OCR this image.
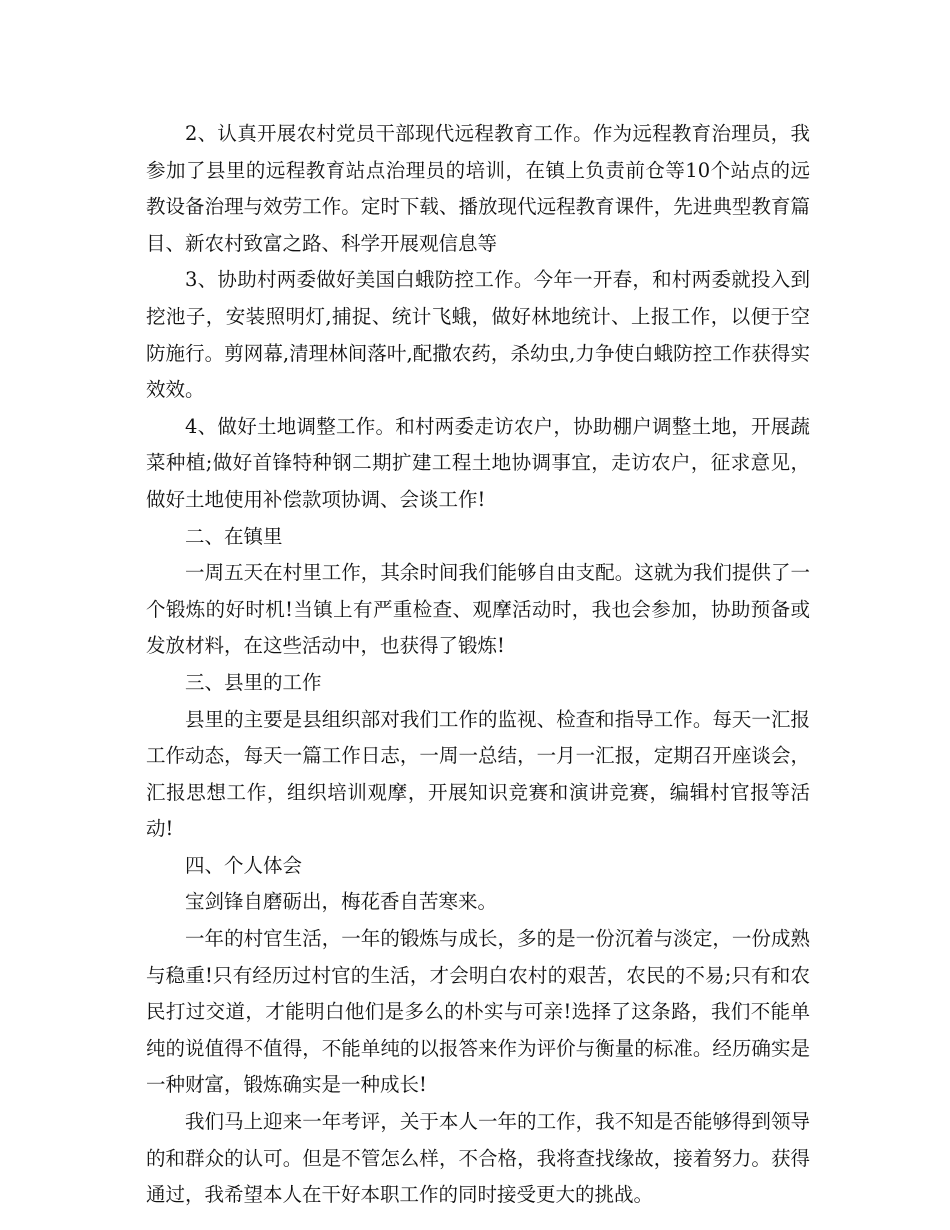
2、认真开展农村党员干部现代远程教育工作。作为远程教育治理员，我参加了县里的远程教育站点治理员的培训，在镇上负责前仓等10个站点的远教设备治理与效劳工作。定时下载、播放现代远程教育课件，先进典型教育篇目、新农村致富之路、科学开展观信息等

3、协助村两委做好美国白蛾防控工作。今年一开春，和村两委就投入到挖池子，安装照明灯,捕捉、统计飞蛾，做好林地统计、上报工作，以便于空防施行。剪网幕,清理林间落叶,配撒农药，杀幼虫,力争使白蛾防控工作获得实效效。

4、做好土地调整工作。和村两委走访农户，协助棚户调整土地，开展蔬菜种植;做好首锋特种钢二期扩建工程土地协调事宜，走访农户，征求意见，做好土地使用补偿款项协调、会谈工作!

二、在镇里

一周五天在村里工作，其余时间我们能够自由支配。这就为我们提供了一个锻炼的好时机!当镇上有严重检查、观摩活动时，我也会参加，协助预备或发放材料，在这些活动中，也获得了锻炼!

三、县里的工作

县里的主要是县组织部对我们工作的监视、检查和指导工作。每天一汇报工作动态，每天一篇工作日志，一周一总结，一月一汇报，定期召开座谈会，汇报思想工作，组织培训观摩，开展知识竞赛和演讲竞赛，编辑村官报等活动!

四、个人体会

宝剑锋自磨砺出，梅花香自苦寒来。

一年的村官生活，一年的锻炼与成长，多的是一份沉着与淡定，一份成熟与稳重!只有经历过村官的生活，才会明白农村的艰苦，农民的不易;只有和农民打过交道，才能明白他们是多么的朴实与可亲!选择了这条路，我们不能单纯的说值得不值得，不能单纯的以报答来作为评价与衡量的标准。经历确实是一种财富，锻炼确实是一种成长!

我们马上迎来一年考评，关于本人一年的工作，我不知是否能够得到领导的和群众的认可。但是不管怎么样，不合格，我将查找缘故，接着努力。获得通过，我希望本人在干好本职工作的同时接受更大的挑战。
